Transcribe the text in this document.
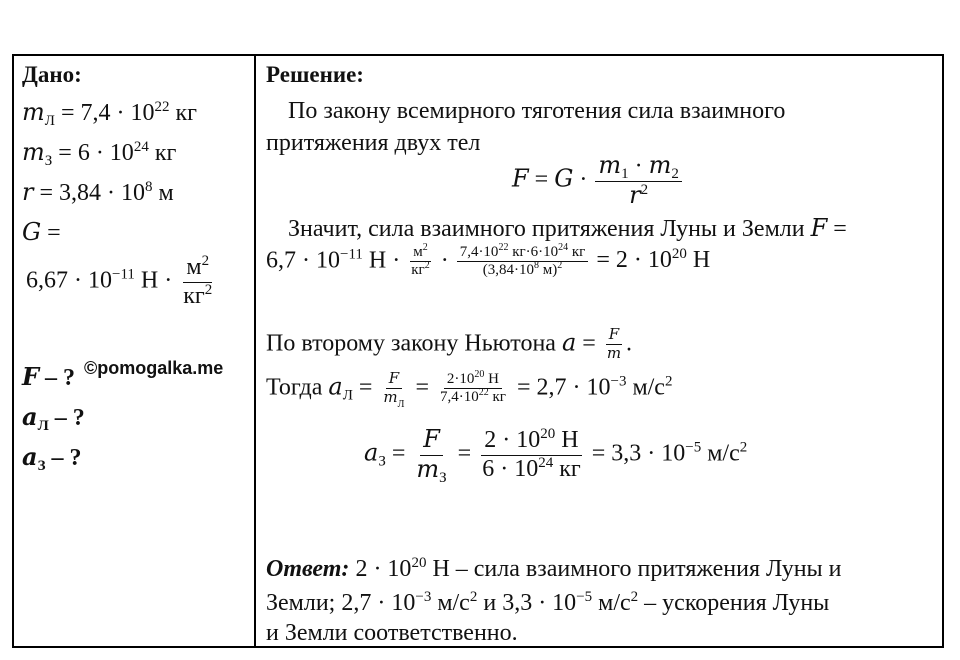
Дано:
$m_Л = 7,4 \cdot 10^{22}$ кг
$m_З = 6 \cdot 10^{24}$ кг
$r = 3,84 \cdot 10^8$ м
G =
$6,67 \cdot 10^{-11}$ $Н \cdot \frac{м^2}{кг^2}$
F – ? ©pomogalka.me
$a_Л$ – ?
$a_З$ – ?
Решение:
По закону всемирного тяготения сила взаимного
притяжения двух тел
$F = G \cdot \frac{m_1 \cdot m_2}{r^2}$
Значит, сила взаимного притяжения Луны и Земли F =
$6,7 \cdot 10^{-11}$ $Н \cdot \frac{м^2}{кг^2} \cdot \frac{7,4\cdot 10^{22} кг\cdot 6\cdot 10^{24} кг}{(3,84\cdot 10^8 м)^2} = 2 \cdot 10^{20}$ Н
По второму закону Ньютона $a = \frac{F}{m}$ .
Тогда $a_Л = \frac{F}{m_Л} = \frac{2\cdot 10^{20} Н}{7,4\cdot 10^{22} кг} = 2,7 \cdot 10^{-3}$ $м/с^2$
$a_З = \frac{F}{m_З} = \frac{2 \cdot 10^{20} Н}{6 \cdot 10^{24} кг} = 3,3 \cdot 10^{-5}$ $м/с^2$
Ответ: $2 \cdot 10^{20}$ Н – сила взаимного притяжения Луны и
Земли; $2,7 \cdot 10^{-3}$ $м/с^2$ и $3,3 \cdot 10^{-5}$ $м/с^2$ – ускорения Луны
и Земли соответственно.
